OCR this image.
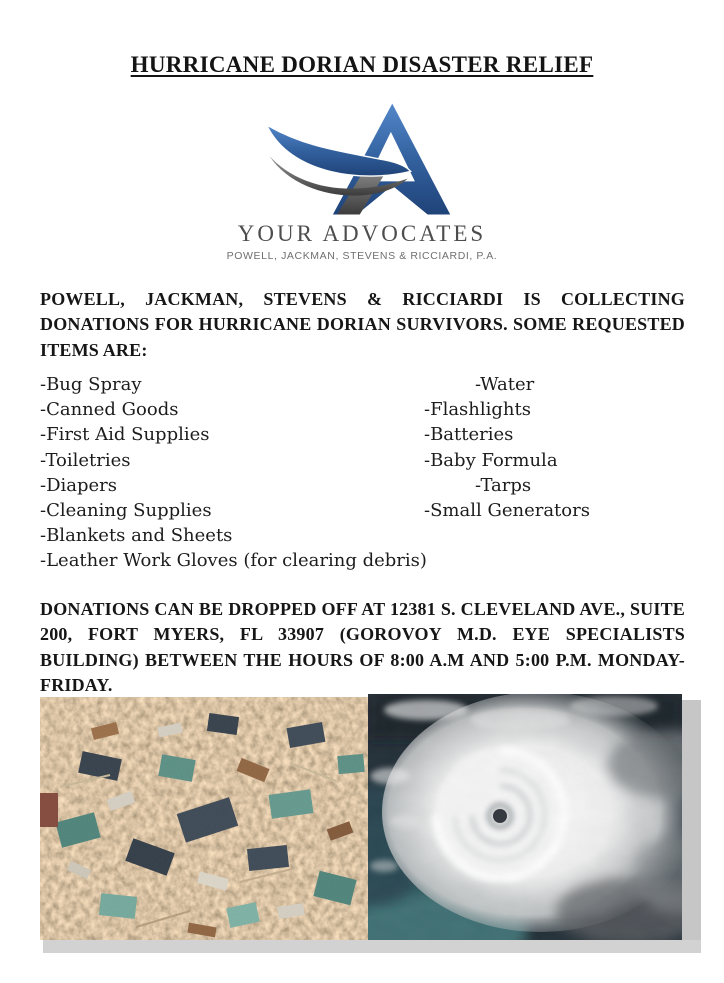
HURRICANE DORIAN DISASTER RELIEF
YOUR ADVOCATES
POWELL, JACKMAN, STEVENS & RICCIARDI, P.A.
POWELL, JACKMAN, STEVENS & RICCIARDI IS COLLECTING DONATIONS FOR HURRICANE DORIAN SURVIVORS. SOME REQUESTED ITEMS ARE:
-Bug Spray
-Canned Goods
-First Aid Supplies
-Toiletries
-Diapers
-Cleaning Supplies
-Blankets and Sheets
-Leather Work Gloves (for clearing debris)
-Water
-Flashlights
-Batteries
-Baby Formula
-Tarps
-Small Generators
DONATIONS CAN BE DROPPED OFF AT 12381 S. CLEVELAND AVE., SUITE 200, FORT MYERS, FL 33907 (GOROVOY M.D. EYE SPECIALISTS BUILDING) BETWEEN THE HOURS OF 8:00 A.M AND 5:00 P.M. MONDAY-FRIDAY.
